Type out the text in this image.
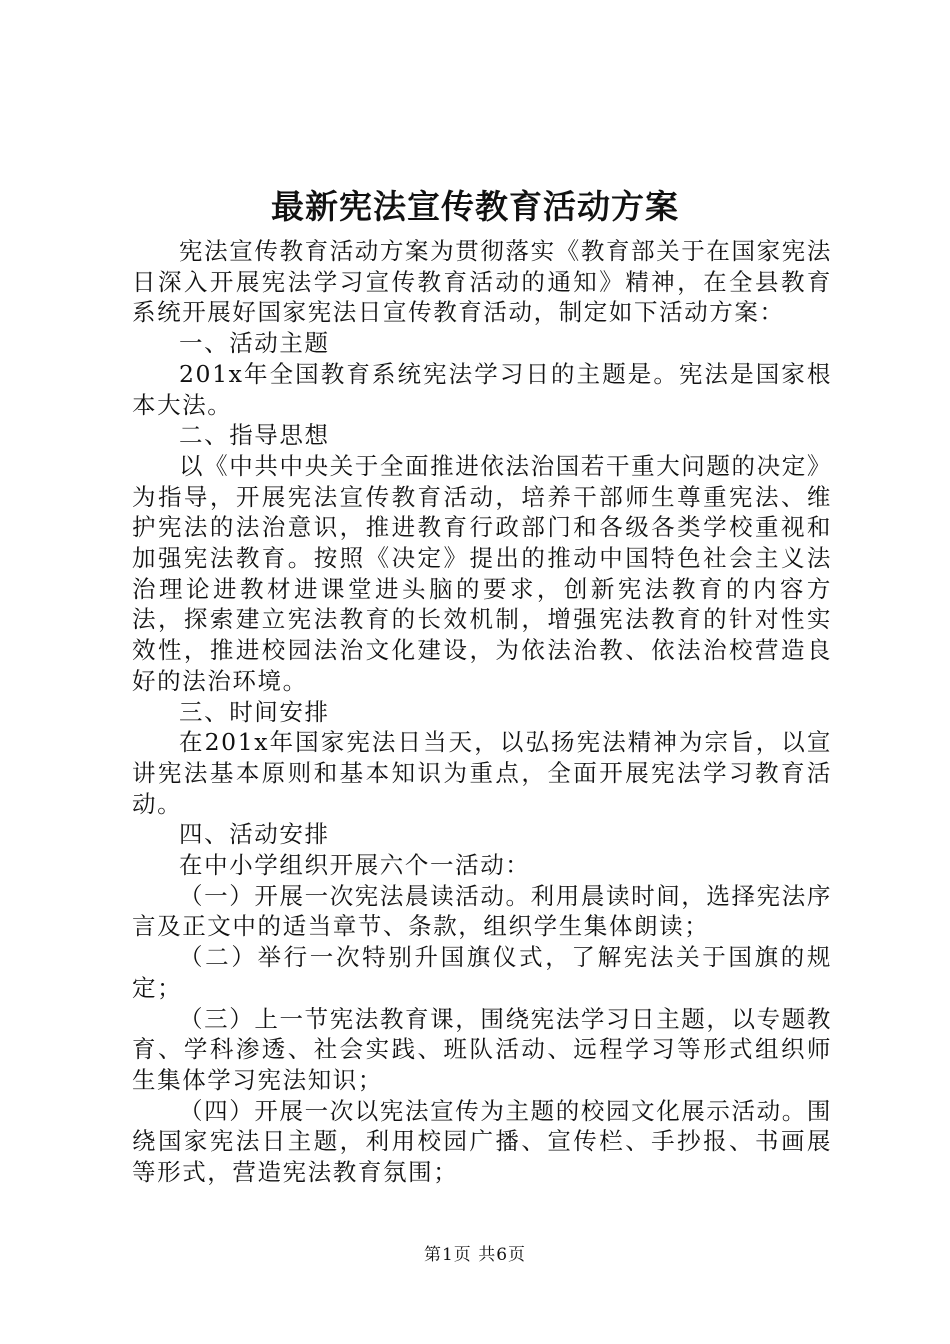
最新宪法宣传教育活动方案

宪法宣传教育活动方案为贯彻落实《教育部关于在国家宪法日深入开展宪法学习宣传教育活动的通知》精神，在全县教育系统开展好国家宪法日宣传教育活动，制定如下活动方案：

一、活动主题

201x年全国教育系统宪法学习日的主题是。宪法是国家根本大法。

二、指导思想

以《中共中央关于全面推进依法治国若干重大问题的决定》为指导，开展宪法宣传教育活动，培养干部师生尊重宪法、维护宪法的法治意识，推进教育行政部门和各级各类学校重视和加强宪法教育。按照《决定》提出的推动中国特色社会主义法治理论进教材进课堂进头脑的要求，创新宪法教育的内容方法，探索建立宪法教育的长效机制，增强宪法教育的针对性实效性，推进校园法治文化建设，为依法治教、依法治校营造良好的法治环境。

三、时间安排

在201x年国家宪法日当天，以弘扬宪法精神为宗旨，以宣讲宪法基本原则和基本知识为重点，全面开展宪法学习教育活动。

四、活动安排

在中小学组织开展六个一活动：

（一）开展一次宪法晨读活动。利用晨读时间，选择宪法序言及正文中的适当章节、条款，组织学生集体朗读；

（二）举行一次特别升国旗仪式，了解宪法关于国旗的规定；

（三）上一节宪法教育课，围绕宪法学习日主题，以专题教育、学科渗透、社会实践、班队活动、远程学习等形式组织师生集体学习宪法知识；

（四）开展一次以宪法宣传为主题的校园文化展示活动。围绕国家宪法日主题，利用校园广播、宣传栏、手抄报、书画展等形式，营造宪法教育氛围；

第1页 共6页
